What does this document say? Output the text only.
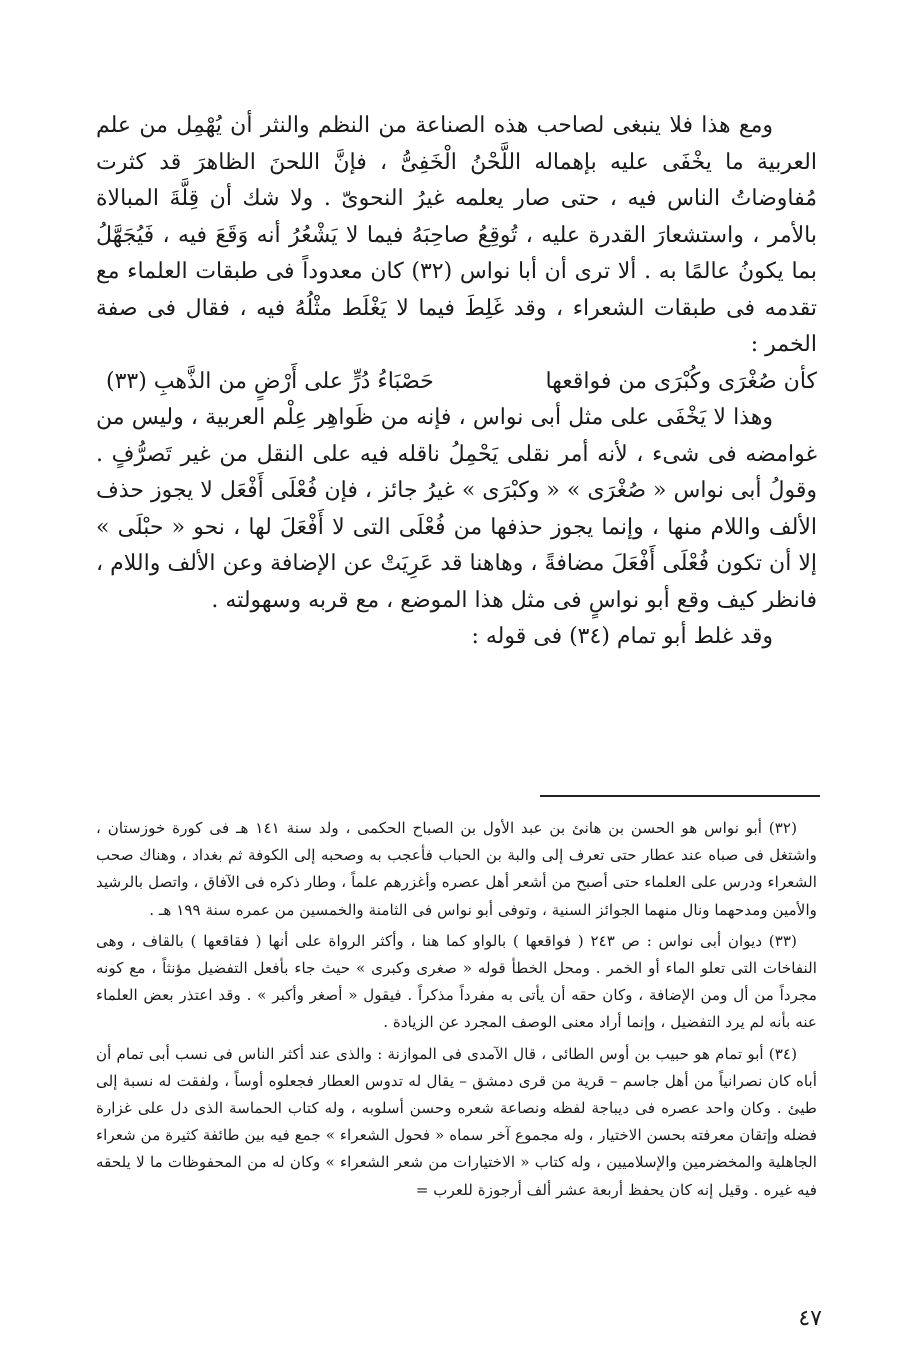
ومع هذا فلا ينبغى لصاحب هذه الصناعة من النظم والنثر أن يُهْمِل من علم العربية ما يخْفَى عليه بإهماله اللَّحْنُ الْخَفِىُّ ، فإنَّ اللحنَ الظاهرَ قد كثرت مُفاوضاتُ الناس فيه ، حتى صار يعلمه غيرُ النحوىّ . ولا شك أن قِلَّةَ المبالاة بالأمر ، واستشعارَ القدرة عليه ، تُوقِعُ صاحِبَهُ فيما لا يَشْعُرُ أنه وَقَعَ فيه ، فَيُجَهَّلُ بما يكونُ عالمًا به . ألا ترى أن أبا نواس (٣٢) كان معدوداً فى طبقات العلماء مع تقدمه فى طبقات الشعراء ، وقد غَلِطَ فيما لا يَغْلَط مثْلُهُ فيه ، فقال فى صفة الخمر :

كأن صُغْرَى وكُبْرَى من فواقعها
حَصْبَاءُ دُرٍّ على أَرْضٍ من الذَّهبِ (٣٣)

وهذا لا يَخْفَى على مثل أبى نواس ، فإنه من ظَواهِر عِلْم العربية ، وليس من غوامضه فى شىء ، لأنه أمر نقلى يَحْمِلُ ناقله فيه على النقل من غير تَصرُّفٍ . وقولُ أبى نواس « صُغْرَى » « وكبْرَى » غيرُ جائز ، فإن فُعْلَى أَفْعَل لا يجوز حذف الألف واللام منها ، وإنما يجوز حذفها من فُعْلَى التى لا أَفْعَلَ لها ، نحو « حبْلَى » إلا أن تكون فُعْلَى أَفْعَلَ مضافةً ، وهاهنا قد عَرِيَتْ عن الإضافة وعن الألف واللام ، فانظر كيف وقع أبو نواسٍ فى مثل هذا الموضع ، مع قربه وسهولته .

وقد غلط أبو تمام (٣٤) فى قوله :

(٣٢) أبو نواس هو الحسن بن هانئ بن عبد الأول بن الصباح الحكمى ، ولد سنة ١٤١ هـ فى كورة خوزستان ، واشتغل فى صباه عند عطار حتى تعرف إلى والبة بن الحباب فأعجب به وصحبه إلى الكوفة ثم بغداد ، وهناك صحب الشعراء ودرس على العلماء حتى أصبح من أشعر أهل عصره وأغزرهم علماً ، وطار ذكره فى الآفاق ، واتصل بالرشيد والأمين ومدحهما ونال منهما الجوائز السنية ، وتوفى أبو نواس فى الثامنة والخمسين من عمره سنة ١٩٩ هـ .

(٣٣) ديوان أبى نواس : ص ٢٤٣ ( فواقعها ) بالواو كما هنا ، وأكثر الرواة على أنها ( فقاقعها ) بالقاف ، وهى النفاخات التى تعلو الماء أو الخمر . ومحل الخطأ قوله « صغرى وكبرى » حيث جاء بأفعل التفضيل مؤنثاً ، مع كونه مجرداً من أل ومن الإضافة ، وكان حقه أن يأتى به مفرداً مذكراً . فيقول « أصغر وأكبر » . وقد اعتذر بعض العلماء عنه بأنه لم يرد التفضيل ، وإنما أراد معنى الوصف المجرد عن الزيادة .

(٣٤) أبو تمام هو حبيب بن أوس الطائى ، قال الآمدى فى الموازنة : والذى عند أكثر الناس فى نسب أبى تمام أن أباه كان نصرانياً من أهل جاسم – قرية من قرى دمشق – يقال له تدوس العطار فجعلوه أوساً ، ولفقت له نسبة إلى طيئ . وكان واحد عصره فى ديباجة لفظه ونصاعة شعره وحسن أسلوبه ، وله كتاب الحماسة الذى دل على غزارة فضله وإتقان معرفته بحسن الاختيار ، وله مجموع آخر سماه « فحول الشعراء » جمع فيه بين طائفة كثيرة من شعراء الجاهلية والمخضرمين والإسلاميين ، وله كتاب « الاختيارات من شعر الشعراء » وكان له من المحفوظات ما لا يلحقه فيه غيره . وقيل إنه كان يحفظ أربعة عشر ألف أرجوزة للعرب =

٤٧
